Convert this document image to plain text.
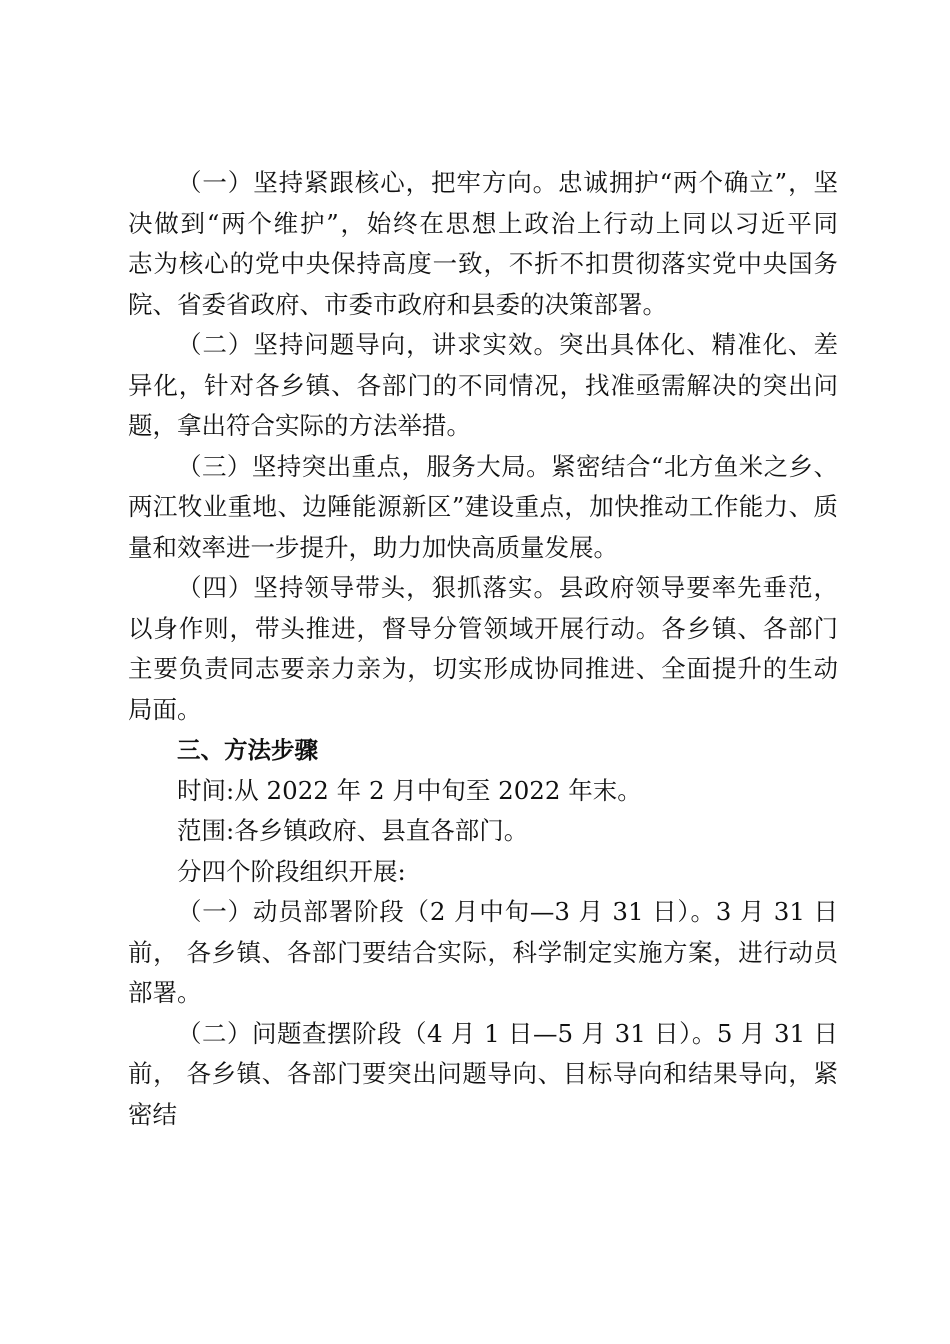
（一）坚持紧跟核心，把牢方向。忠诚拥护“两个确立”，坚决做到“两个维护”，始终在思想上政治上行动上同以习近平同　志为核心的党中央保持高度一致，不折不扣贯彻落实党中央国务　院、省委省政府、市委市政府和县委的决策部署。

（二）坚持问题导向，讲求实效。突出具体化、精准化、差异化，针对各乡镇、各部门的不同情况，找准亟需解决的突出问 题，拿出符合实际的方法举措。

（三）坚持突出重点，服务大局。紧密结合“北方鱼米之乡、 两江牧业重地、边陲能源新区”建设重点，加快推动工作能力、质量和效率进一步提升，助力加快高质量发展。

（四）坚持领导带头，狠抓落实。县政府领导要率先垂范，以身作则，带头推进，督导分管领域开展行动。各乡镇、各部门 主要负责同志要亲力亲为，切实形成协同推进、全面提升的生动 局面。

三、方法步骤

时间:从 2022 年 2 月中旬至 2022 年末。

范围:各乡镇政府、县直各部门。

分四个阶段组织开展:

（一）动员部署阶段（2 月中旬—3 月 31 日）。3 月 31 日前， 各乡镇、各部门要结合实际，科学制定实施方案，进行动员部署。

（二）问题查摆阶段（4 月 1 日—5 月 31 日）。5 月 31 日前， 各乡镇、各部门要突出问题导向、目标导向和结果导向，紧密结
